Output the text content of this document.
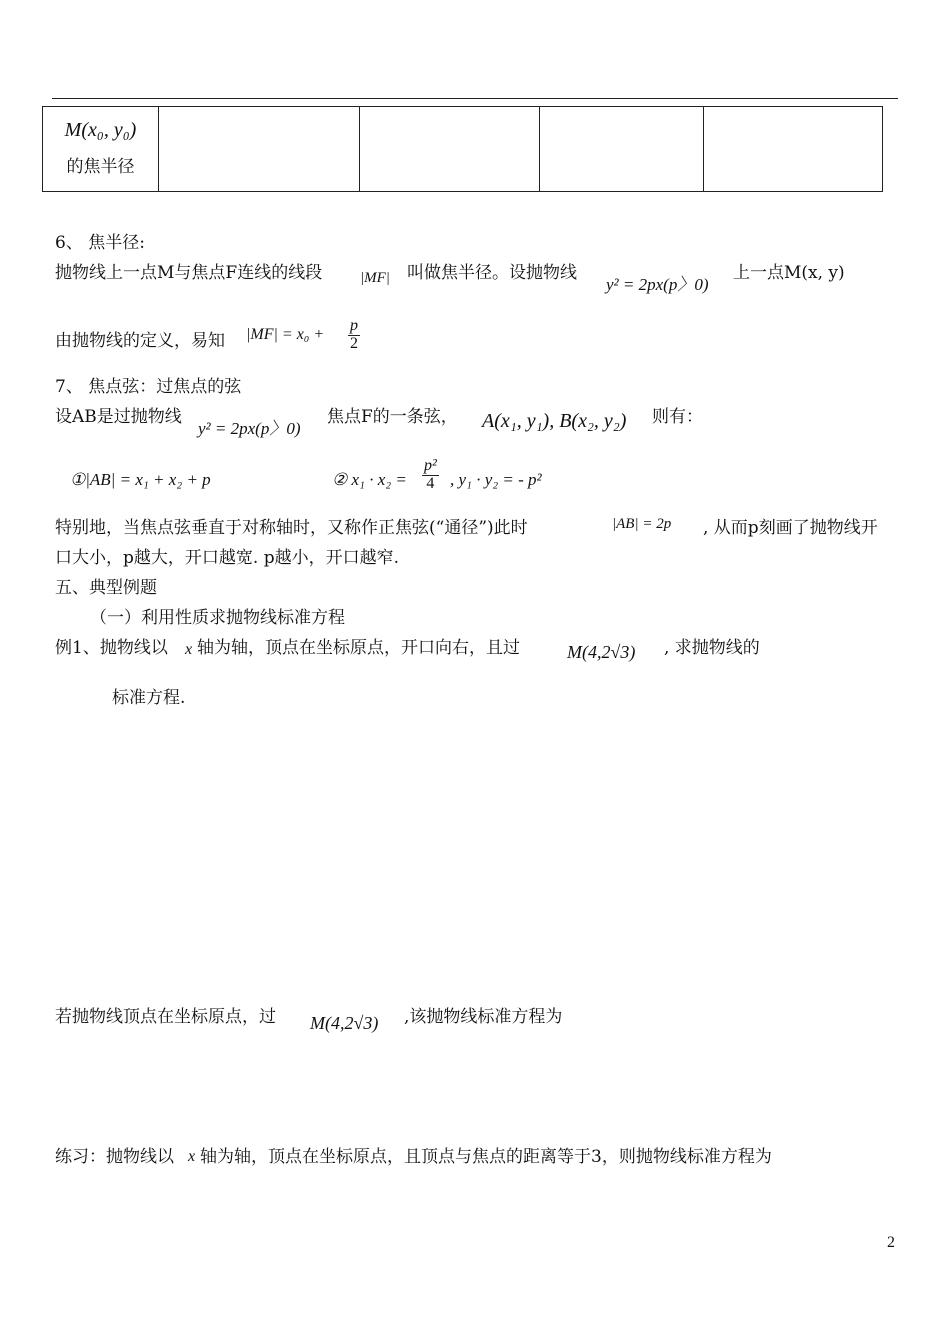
M(x₀, y₀)
的焦半径

6、 焦半径:
抛物线上一点M与焦点F连线的线段	|MF| 叫做焦半径。设抛物线
y² = 2px(p〉0)
上一点M(x, y)
由抛物线的定义，易知 $|MF| = x_0 + \frac{p}{2}$
7、 焦点弦：过焦点的弦
设AB是过抛物线
y² = 2px(p〉0)
焦点F的一条弦， A(x₁, y₁), B(x₂, y₂) 则有：
①|AB| = x₁ + x₂ + p	② $x_1 \cdot x_2 = \frac{\text{p²}}{4}$ , y₁ · y₂ = - p²
特别地，当焦点弦垂直于对称轴时，又称作正焦弦(“通径”)此时	|AB| = 2p , 从而p刻画了抛物线开
口大小，p越大，开口越宽. p越小，开口越窄.
五、典型例题
（一）利用性质求抛物线标准方程
例1、抛物线以 x 轴为轴，顶点在坐标原点，开口向右，且过	M(4,2√3) , 求抛物线的
标准方程.
若抛物线顶点在坐标原点，过 M(4,2√3) ,该抛物线标准方程为
练习：抛物线以 x 轴为轴，顶点在坐标原点，且顶点与焦点的距离等于3，则抛物线标准方程为
2
